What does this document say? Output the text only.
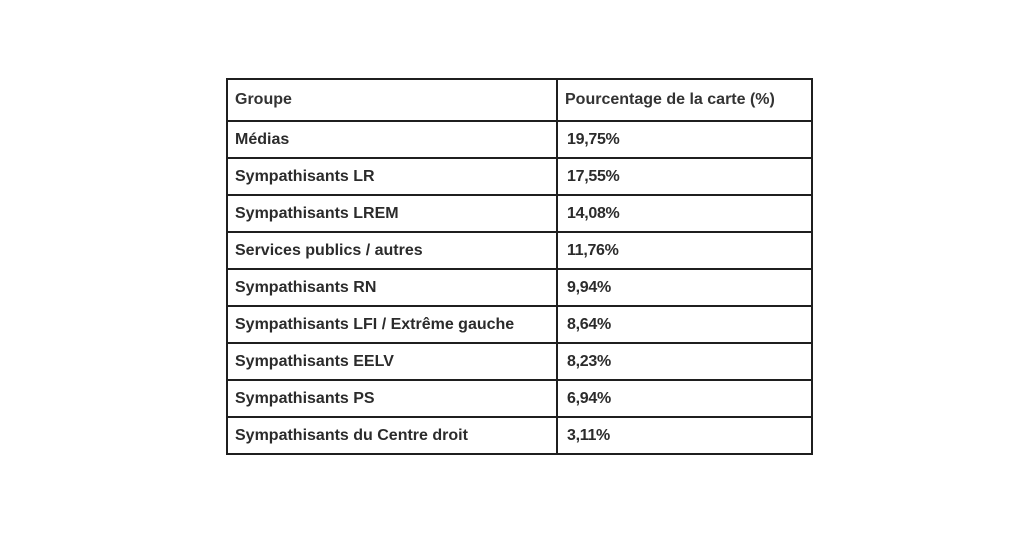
Groupe	Pourcentage de la carte (%)
Médias	19,75%
Sympathisants LR	17,55%
Sympathisants LREM	14,08%
Services publics / autres	11,76%
Sympathisants RN	9,94%
Sympathisants LFI / Extrême gauche	8,64%
Sympathisants EELV	8,23%
Sympathisants PS	6,94%
Sympathisants du Centre droit	3,11%
